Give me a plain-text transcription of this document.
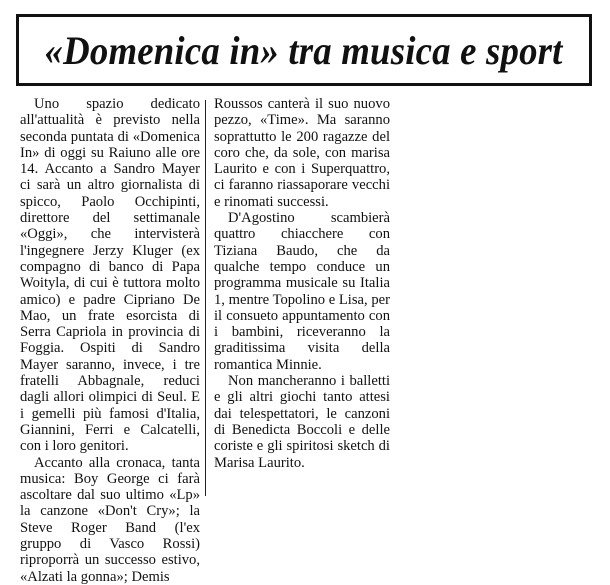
«Domenica in» tra musica e sport

Uno spazio dedicato all'attualità è previsto nella seconda puntata di «Domenica In» di oggi su Raiuno alle ore 14. Accanto a Sandro Mayer ci sarà un altro giornalista di spicco, Paolo Occhipinti, direttore del settimanale «Oggi», che intervisterà l'ingegnere Jerzy Kluger (ex compagno di banco di Papa Woityla, di cui è tuttora molto amico) e padre Cipriano De Mao, un frate esorcista di Serra Capriola in provincia di Foggia. Ospiti di Sandro Mayer saranno, invece, i tre fratelli Abbagnale, reduci dagli allori olimpici di Seul. E i gemelli più famosi d'Italia, Giannini, Ferri e Calcatelli, con i loro genitori.

Accanto alla cronaca, tanta musica: Boy George ci farà ascoltare dal suo ultimo «Lp» la canzone «Don't Cry»; la Steve Roger Band (l'ex gruppo di Vasco Rossi) riproporrà un successo estivo, «Alzati la gonna»; Demis

Roussos canterà il suo nuovo pezzo, «Time». Ma saranno soprattutto le 200 ragazze del coro che, da sole, con marisa Laurito e con i Superquattro, ci faranno riassaporare vecchi e rinomati successi.

D'Agostino scambierà quattro chiacchere con Tiziana Baudo, che da qualche tempo conduce un programma musicale su Italia 1, mentre Topolino e Lisa, per il consueto appuntamento con i bambini, riceveranno la graditissima visita della romantica Minnie.

Non mancheranno i balletti e gli altri giochi tanto attesi dai telespettatori, le canzoni di Benedicta Boccoli e delle coriste e gli spiritosi sketch di Marisa Laurito.
